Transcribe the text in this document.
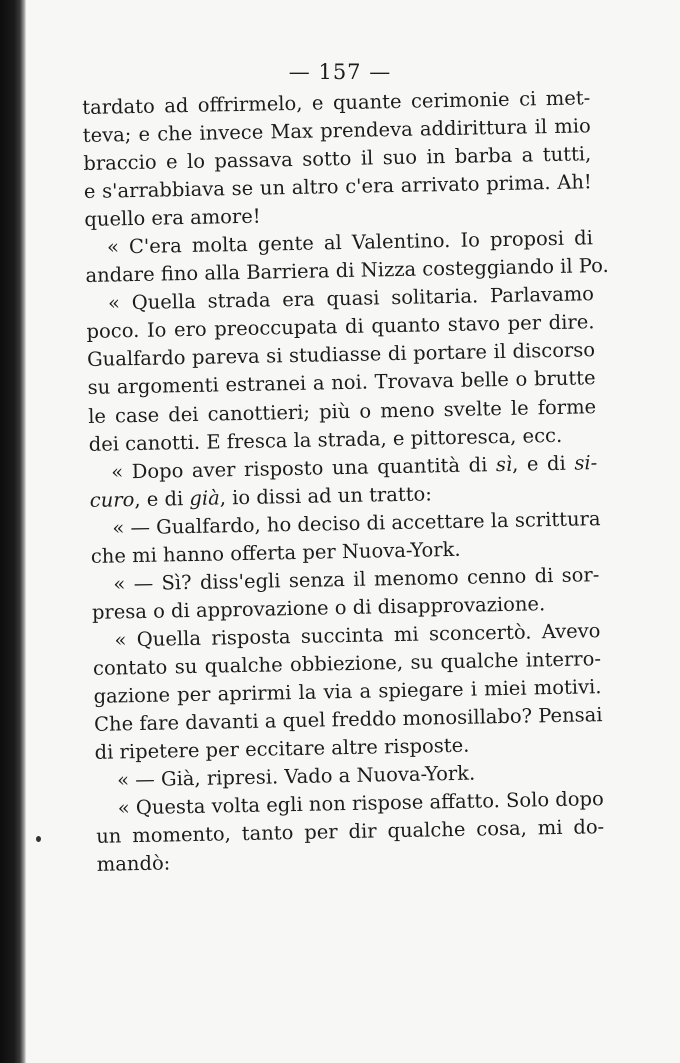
— 157 —
tardato ad offrirmelo, e quante cerimonie ci met-
teva; e che invece Max prendeva addirittura il mio
braccio e lo passava sotto il suo in barba a tutti,
e s'arrabbiava se un altro c'era arrivato prima. Ah!
quello era amore!
« C'era molta gente al Valentino. Io proposi di
andare fino alla Barriera di Nizza costeggiando il Po.
« Quella strada era quasi solitaria. Parlavamo
poco. Io ero preoccupata di quanto stavo per dire.
Gualfardo pareva si studiasse di portare il discorso
su argomenti estranei a noi. Trovava belle o brutte
le case dei canottieri; più o meno svelte le forme
dei canotti. E fresca la strada, e pittoresca, ecc.
« Dopo aver risposto una quantità di sì, e di si-
curo, e di già, io dissi ad un tratto:
« — Gualfardo, ho deciso di accettare la scrittura
che mi hanno offerta per Nuova-York.
« — Sì? diss'egli senza il menomo cenno di sor-
presa o di approvazione o di disapprovazione.
« Quella risposta succinta mi sconcertò. Avevo
contato su qualche obbiezione, su qualche interro-
gazione per aprirmi la via a spiegare i miei motivi.
Che fare davanti a quel freddo monosillabo? Pensai
di ripetere per eccitare altre risposte.
« — Già, ripresi. Vado a Nuova-York.
« Questa volta egli non rispose affatto. Solo dopo
un momento, tanto per dir qualche cosa, mi do-
mandò:
